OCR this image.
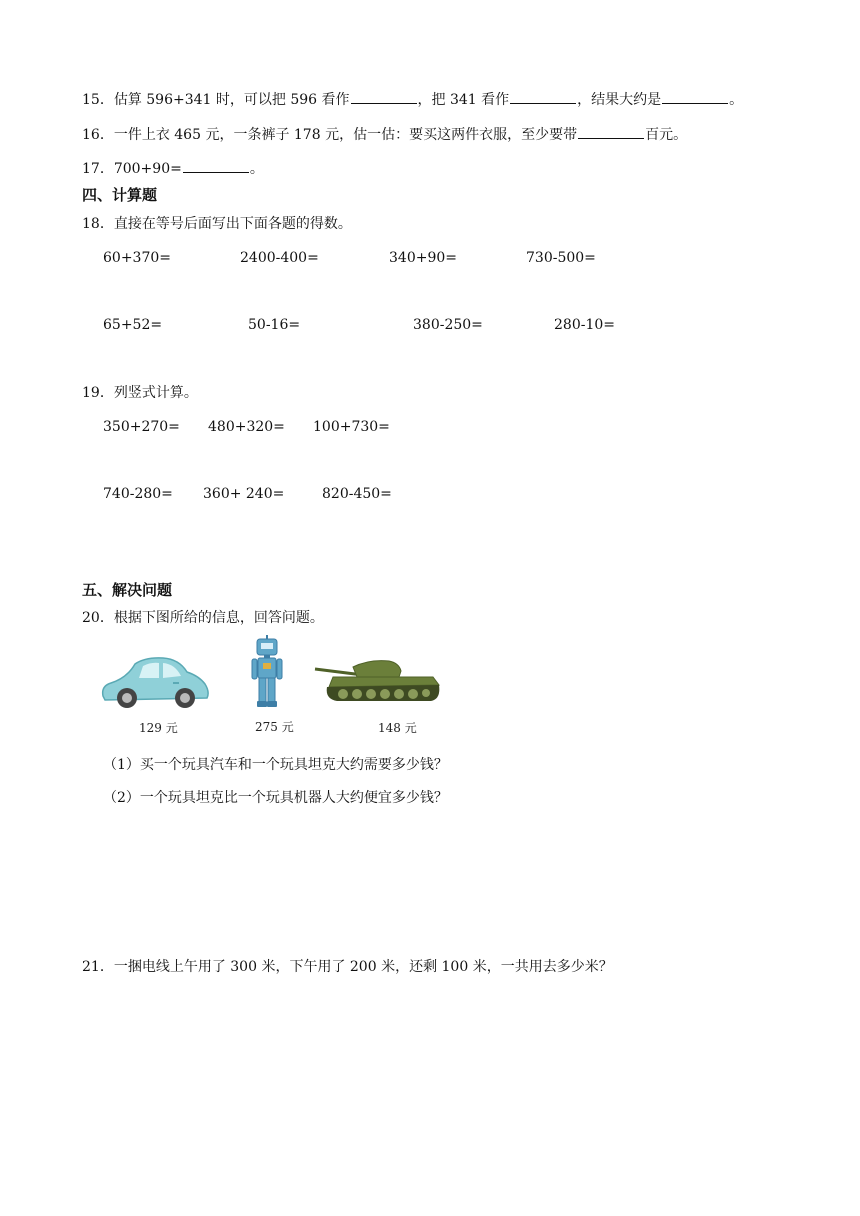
15．估算 596+341 时，可以把 596 看作	，把 341 看作	，结果大约是	。
16．一件上衣 465 元，一条裤子 178 元，估一估：要买这两件衣服，至少要带	百元。
17．700+90=	。
四、计算题
18．直接在等号后面写出下面各题的得数。
60+370=	2400-400=	340+90=	730-500=
65+52=	50-16=	380-250=	280-10=
19．列竖式计算。
350+270= 480+320= 100+730=
740-280= 360+ 240=	820-450=
五、解决问题
20．根据下图所给的信息，回答问题。
129 元	275 元	148 元
（1）买一个玩具汽车和一个玩具坦克大约需要多少钱？
（2）一个玩具坦克比一个玩具机器人大约便宜多少钱？
21．一捆电线上午用了 300 米，下午用了 200 米，还剩 100 米，一共用去多少米？
